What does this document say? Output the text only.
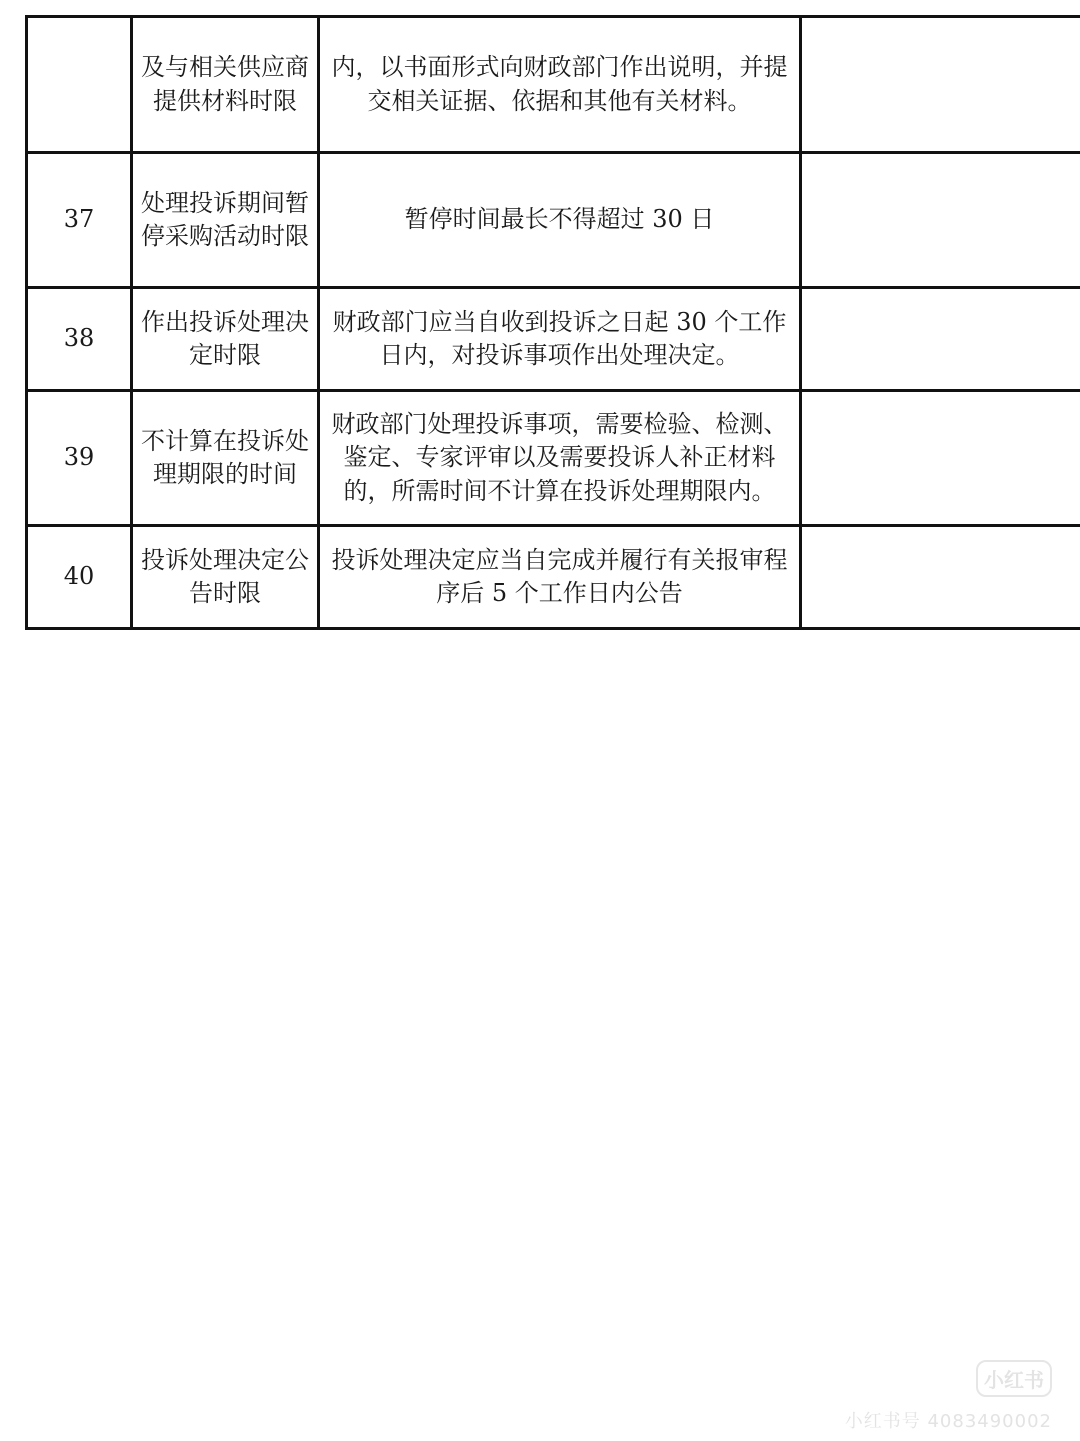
	及与相关供应商提供材料时限	内，以书面形式向财政部门作出说明，并提交相关证据、依据和其他有关材料。	
37	处理投诉期间暂停采购活动时限	暂停时间最长不得超过 30 日	
38	作出投诉处理决定时限	财政部门应当自收到投诉之日起 30 个工作日内，对投诉事项作出处理决定。	
39	不计算在投诉处理期限的时间	财政部门处理投诉事项，需要检验、检测、鉴定、专家评审以及需要投诉人补正材料的，所需时间不计算在投诉处理期限内。	
40	投诉处理决定公告时限	投诉处理决定应当自完成并履行有关报审程序后 5 个工作日内公告	
小红书
小红书号 4083490002
